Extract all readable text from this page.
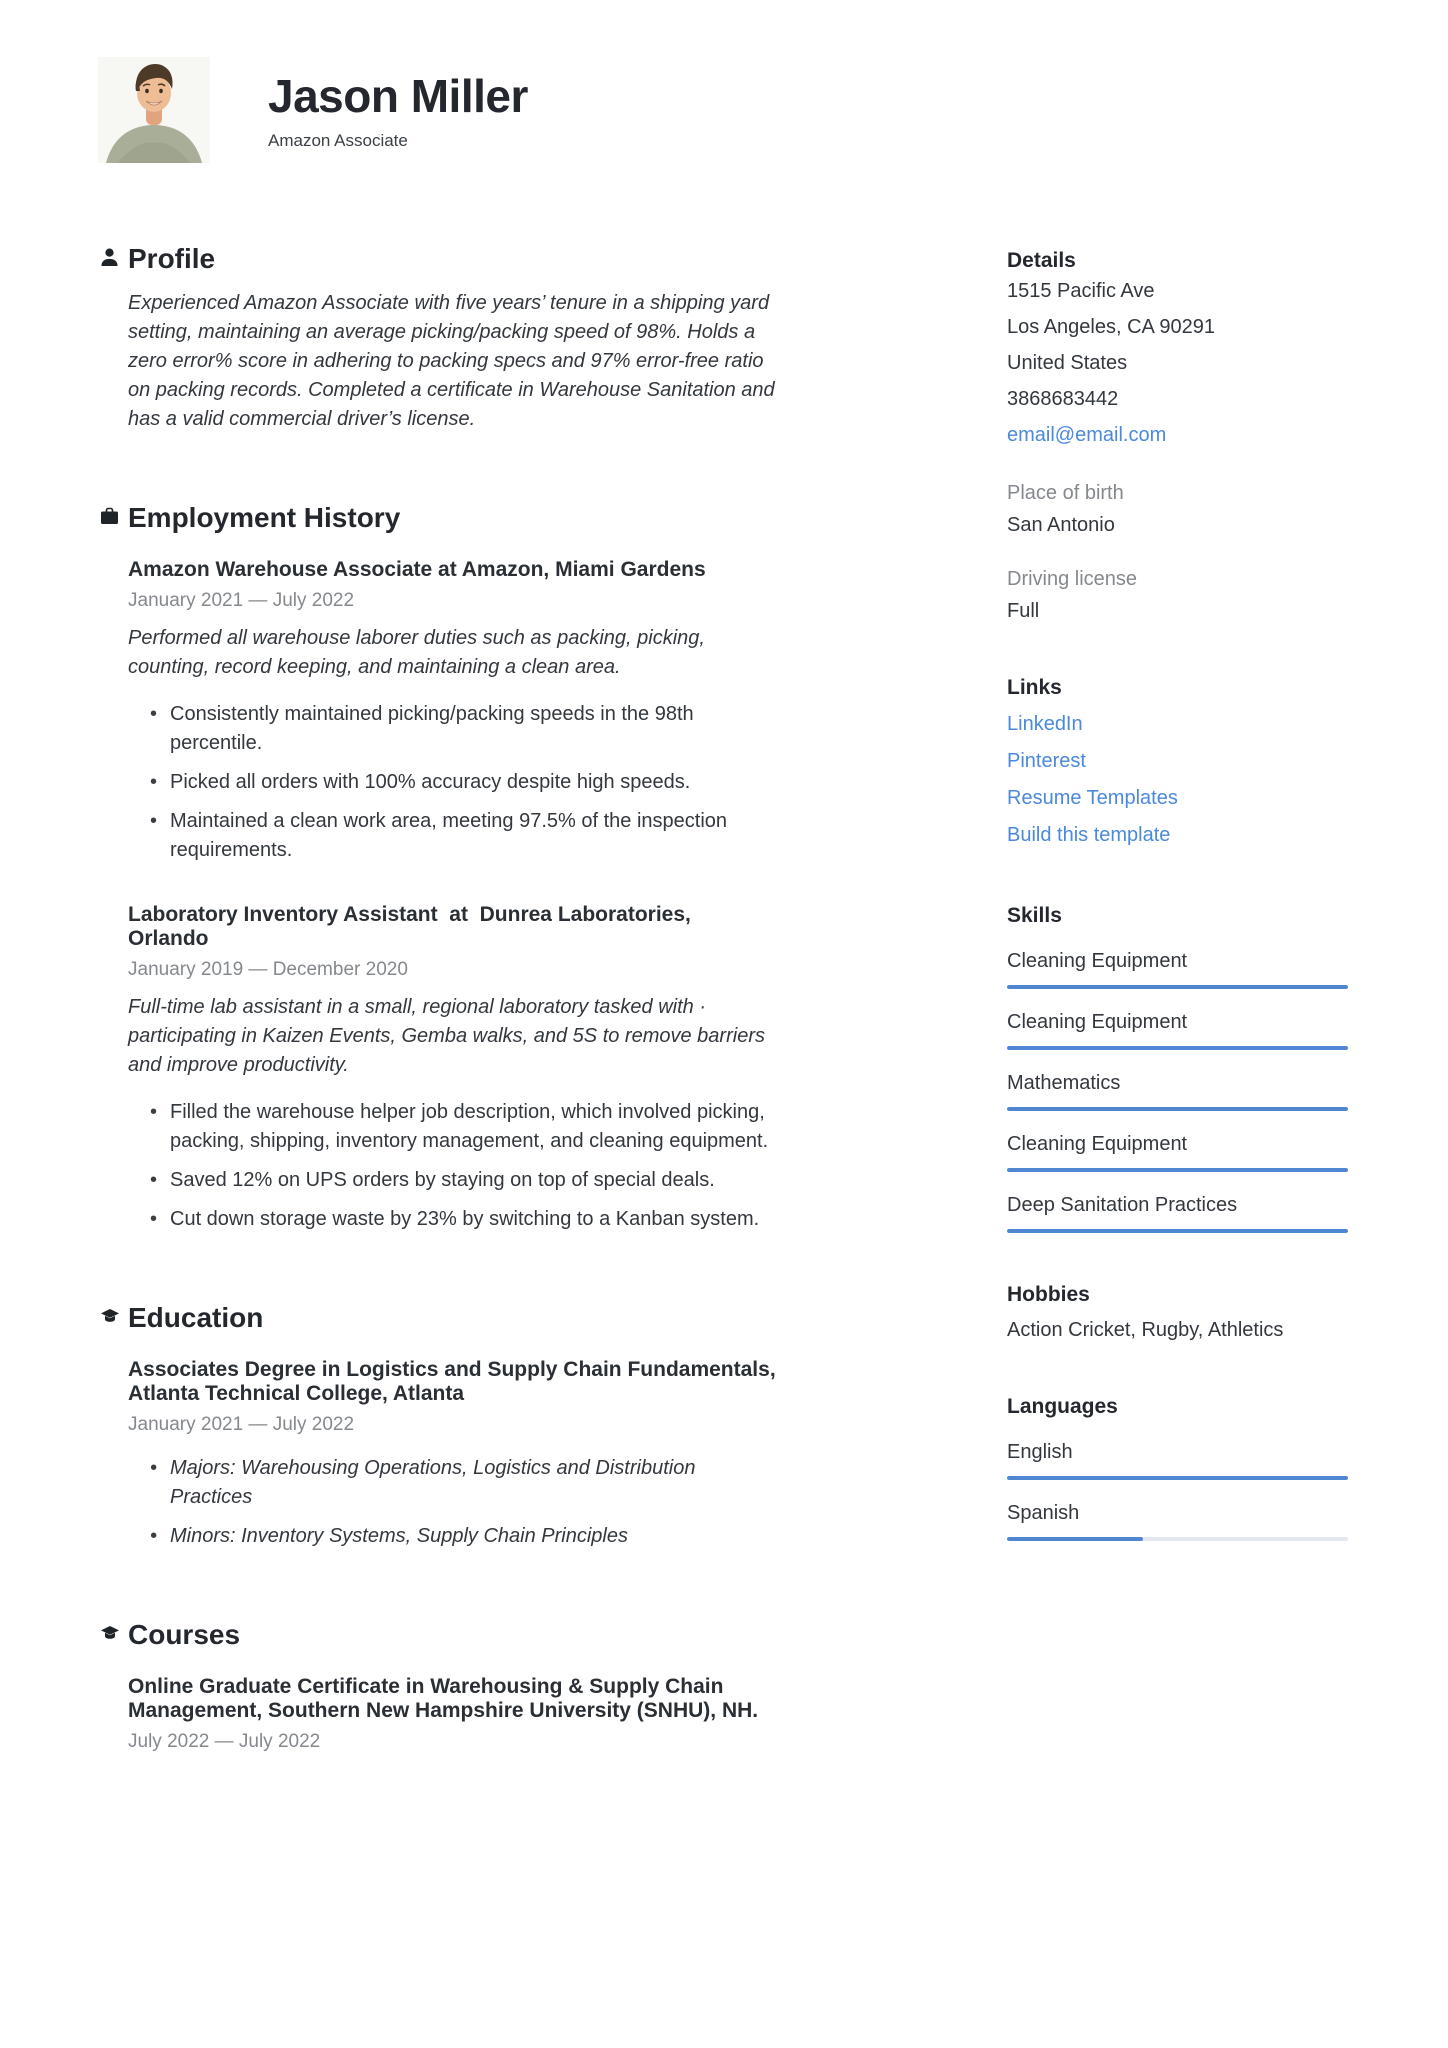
Jason Miller
Amazon Associate
Profile

Experienced Amazon Associate with five years’ tenure in a shipping yard setting, maintaining an average picking/packing speed of 98%. Holds a zero error% score in adhering to packing specs and 97% error-free ratio on packing records. Completed a certificate in Warehouse Sanitation and has a valid commercial driver’s license.

Employment History
Amazon Warehouse Associate at Amazon, Miami Gardens
January 2021 — July 2022

Performed all warehouse laborer duties such as packing, picking, counting, record keeping, and maintaining a clean area.

• Consistently maintained picking/packing speeds in the 98th percentile.
• Picked all orders with 100% accuracy despite high speeds.
• Maintained a clean work area, meeting 97.5% of the inspection requirements.
Laboratory Inventory Assistant  at  Dunrea Laboratories, Orlando
January 2019 — December 2020

Full-time lab assistant in a small, regional laboratory tasked with · participating in Kaizen Events, Gemba walks, and 5S to remove barriers and improve productivity.

• Filled the warehouse helper job description, which involved picking, packing, shipping, inventory management, and cleaning equipment.
• Saved 12% on UPS orders by staying on top of special deals.
• Cut down storage waste by 23% by switching to a Kanban system.
Education
Associates Degree in Logistics and Supply Chain Fundamentals, Atlanta Technical College, Atlanta
January 2021 — July 2022
• Majors: Warehousing Operations, Logistics and Distribution Practices
• Minors: Inventory Systems, Supply Chain Principles
Courses
Online Graduate Certificate in Warehousing & Supply Chain Management, Southern New Hampshire University (SNHU), NH.
July 2022 — July 2022
Details
1515 Pacific Ave
Los Angeles, CA 90291
United States
3868683442
email@email.com
Place of birth
San Antonio
Driving license
Full
Links
LinkedIn
Pinterest
Resume Templates
Build this template
Skills
Cleaning Equipment
Cleaning Equipment
Mathematics
Cleaning Equipment
Deep Sanitation Practices
Hobbies
Action Cricket, Rugby, Athletics
Languages
English
Spanish
